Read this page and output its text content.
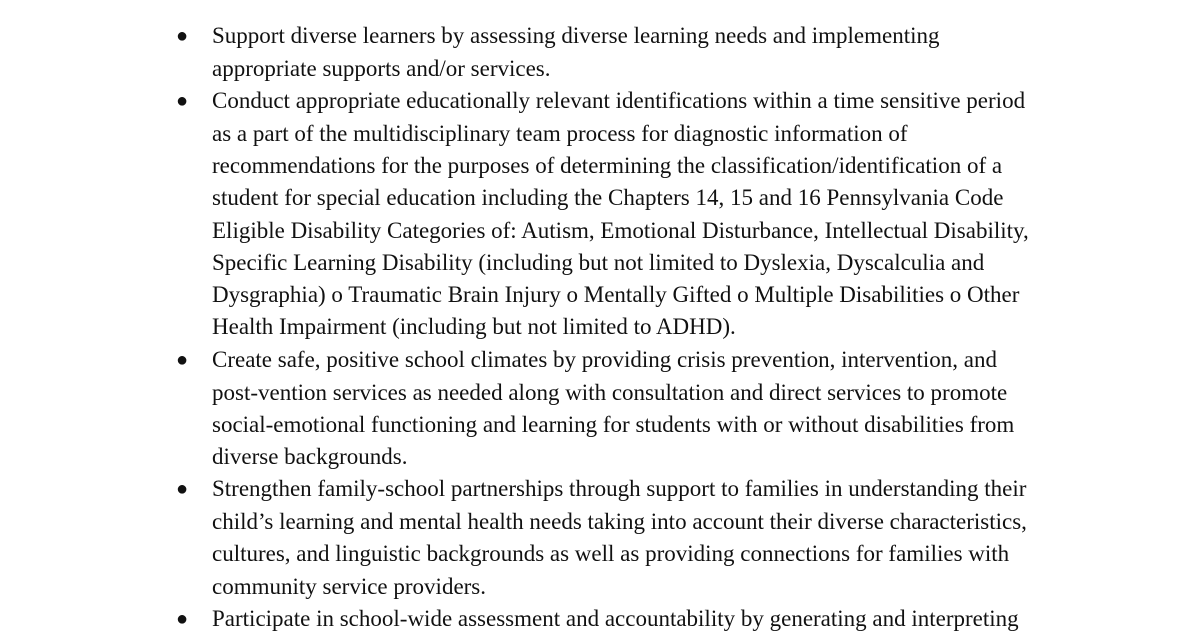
● Support diverse learners by assessing diverse learning needs and implementing
appropriate supports and/or services.
● Conduct appropriate educationally relevant identifications within a time sensitive period
as a part of the multidisciplinary team process for diagnostic information of
recommendations for the purposes of determining the classification/identification of a
student for special education including the Chapters 14, 15 and 16 Pennsylvania Code
Eligible Disability Categories of: Autism, Emotional Disturbance, Intellectual Disability,
Specific Learning Disability (including but not limited to Dyslexia, Dyscalculia and
Dysgraphia) o Traumatic Brain Injury o Mentally Gifted o Multiple Disabilities o Other
Health Impairment (including but not limited to ADHD).
● Create safe, positive school climates by providing crisis prevention, intervention, and
post-vention services as needed along with consultation and direct services to promote
social-emotional functioning and learning for students with or without disabilities from
diverse backgrounds.
● Strengthen family-school partnerships through support to families in understanding their
child’s learning and mental health needs taking into account their diverse characteristics,
cultures, and linguistic backgrounds as well as providing connections for families with
community service providers.
● Participate in school-wide assessment and accountability by generating and interpreting
